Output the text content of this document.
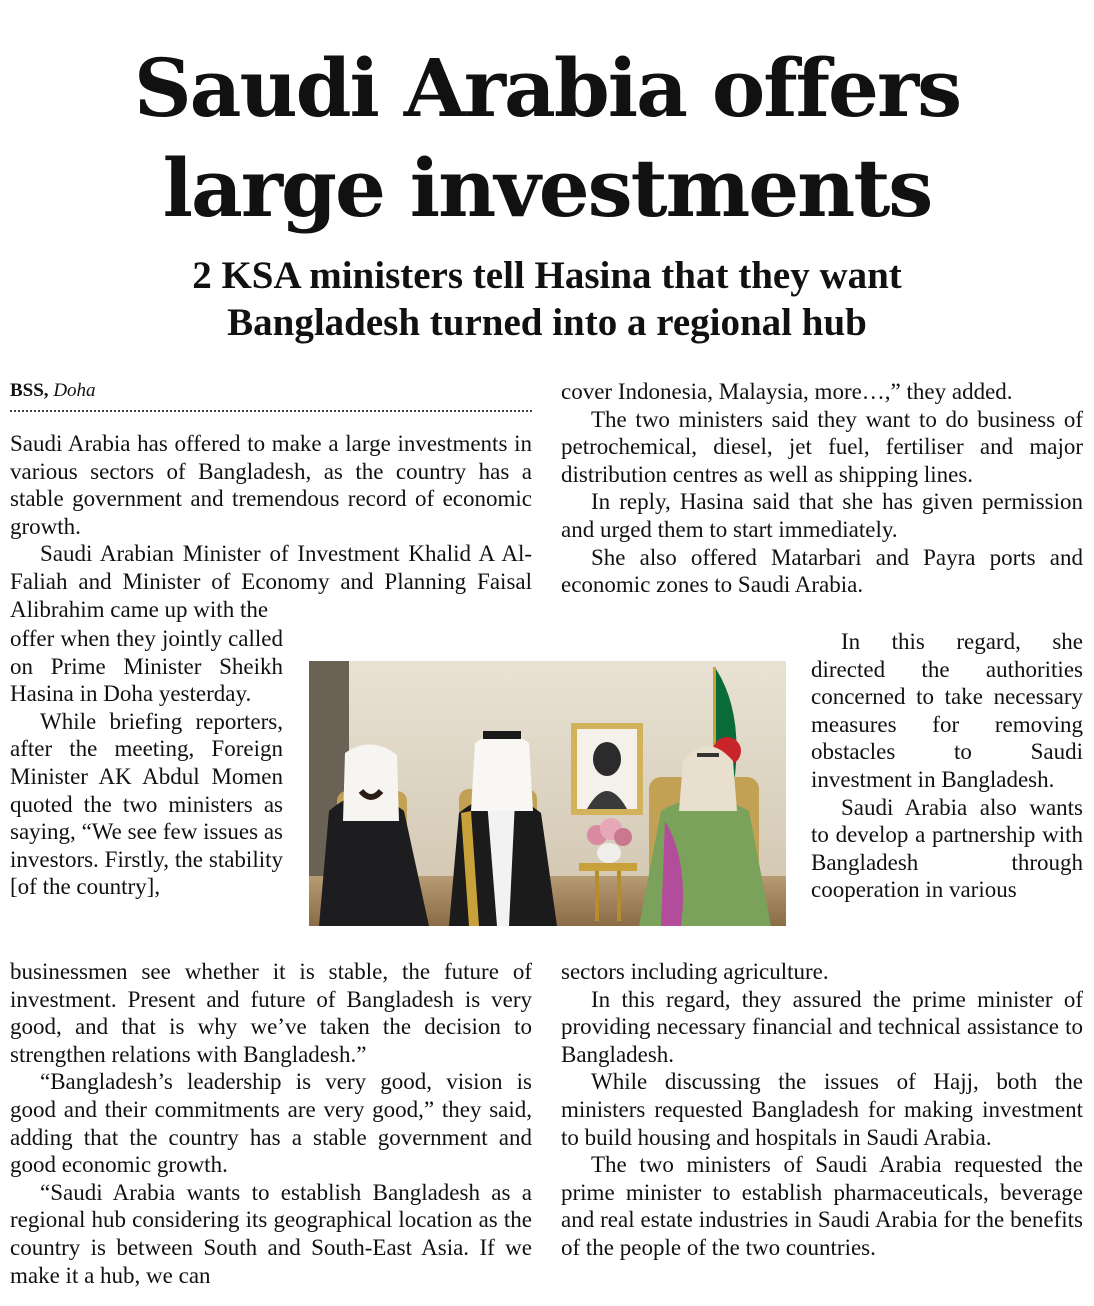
Saudi Arabia offers
large investments
2 KSA ministers tell Hasina that they want
Bangladesh turned into a regional hub
BSS, Doha

Saudi Arabia has offered to make a large investments in various sectors of Bangladesh, as the country has a stable government and tremendous record of economic growth.

Saudi Arabian Minister of Investment Khalid A Al-Faliah and Minister of Economy and Planning Faisal Alibrahim came up with the

offer when they jointly called on Prime Minister Sheikh Hasina in Doha yesterday.

While briefing reporters, after the meeting, Foreign Minister AK Abdul Momen quoted the two ministers as saying, “We see few issues as investors. Firstly, the stability [of the country],

businessmen see whether it is stable, the future of investment. Present and future of Bangladesh is very good, and that is why we’ve taken the decision to strengthen relations with Bangladesh.”

“Bangladesh’s leadership is very good, vision is good and their commitments are very good,” they said, adding that the country has a stable government and good economic growth.

“Saudi Arabia wants to establish Bangladesh as a regional hub considering its geographical location as the country is between South and South-East Asia. If we make it a hub, we can

cover Indonesia, Malaysia, more…,” they added.

The two ministers said they want to do business of petrochemical, diesel, jet fuel, fertiliser and major distribution centres as well as shipping lines.

In reply, Hasina said that she has given permission and urged them to start immediately.

She also offered Matarbari and Payra ports and economic zones to Saudi Arabia.

In this regard, she directed the authorities concerned to take necessary measures for removing obstacles to Saudi investment in Bangladesh.

Saudi Arabia also wants to develop a partnership with Bangladesh through cooperation in various

sectors including agriculture.

In this regard, they assured the prime minister of providing necessary financial and technical assistance to Bangladesh.

While discussing the issues of Hajj, both the ministers requested Bangladesh for making investment to build housing and hospitals in Saudi Arabia.

The two ministers of Saudi Arabia requested the prime minister to establish pharmaceuticals, beverage and real estate industries in Saudi Arabia for the benefits of the people of the two countries.
